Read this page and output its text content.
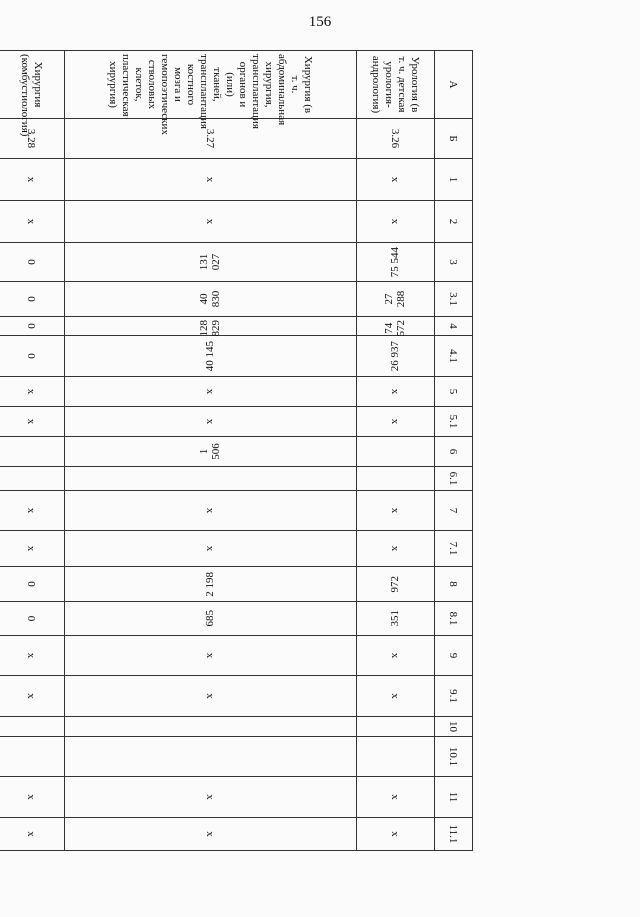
156
А	Б	1	2	3	3.1	4	4.1	5	5.1	6	6.1	7	7.1	8	8.1	9	9.1	10	10.1	11	11.1
Урология (в т. ч. детская урология-андрология)	3.26	x	x	75 544	27 288	74 572	26 937	x	x			x	x	972	351	x	x			x	x
Хирургия (в т. ч. абдоминальная хирургия, трансплантация органов и (или) тканей, трансплантация костного мозга и гемопоэтических стволовых клеток, пластическая хирургия)	3.27	x	x	131 027	40 830	128 829	40 145	x	x	1 506		x	x	2 198	685	x	x			x	x
Хирургия (комбустиология)	3.28	x	x	0	0	0	0	x	x			x	x	0	0	x	x			x	x
